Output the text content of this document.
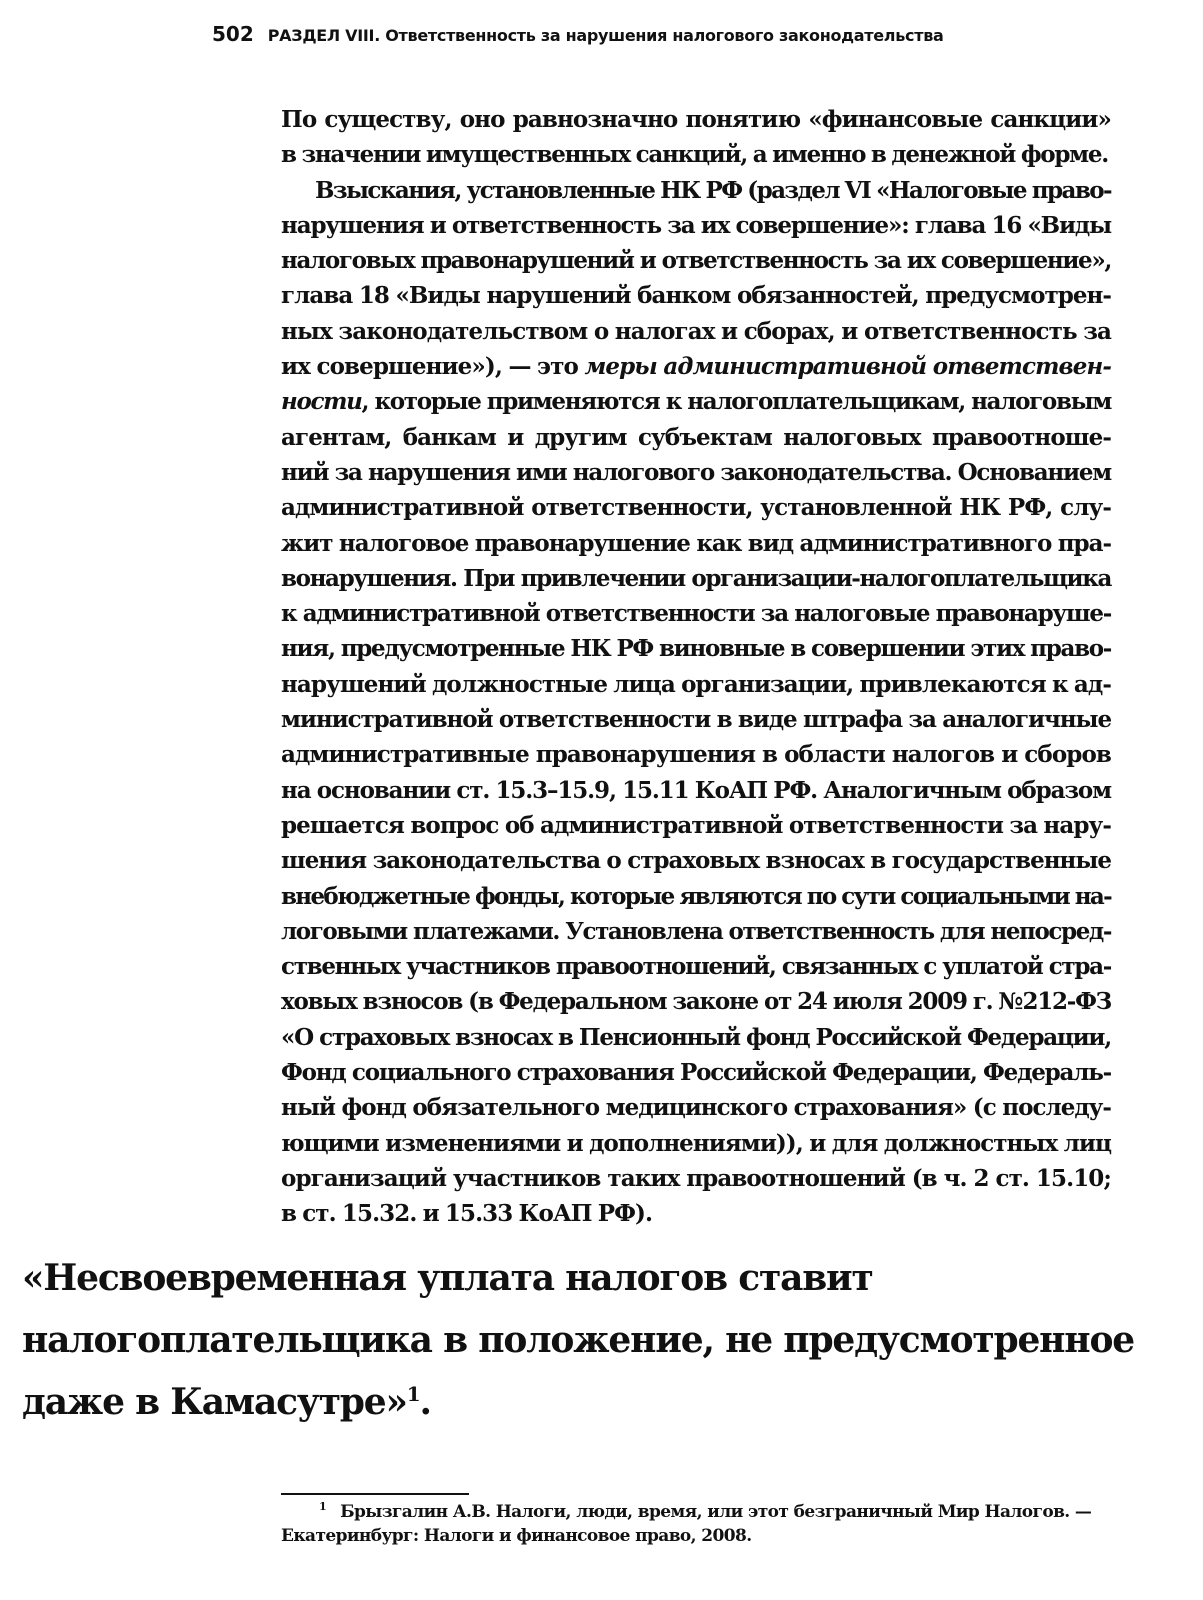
502 РАЗДЕЛ VIII. Ответственность за нарушения налогового законодательства
По существу, оно равнозначно понятию «финансовые санкции»
в значении имущественных санкций, а именно в денежной форме.
Взыскания, установленные НК РФ (раздел VI «Налоговые право-
нарушения и ответственность за их совершение»: глава 16 «Виды
налоговых правонарушений и ответственность за их совершение»,
глава 18 «Виды нарушений банком обязанностей, предусмотрен-
ных законодательством о налогах и сборах, и ответственность за
их совершение»), — это меры административной ответствен-
ности, которые применяются к налогоплательщикам, налоговым
агентам, банкам и другим субъектам налоговых правоотноше-
ний за нарушения ими налогового законодательства. Основанием
административной ответственности, установленной НК РФ, слу-
жит налоговое правонарушение как вид административного пра-
вонарушения. При привлечении организации-налогоплательщика
к административной ответственности за налоговые правонаруше-
ния, предусмотренные НК РФ виновные в совершении этих право-
нарушений должностные лица организации, привлекаются к ад-
министративной ответственности в виде штрафа за аналогичные
административные правонарушения в области налогов и сборов
на основании ст. 15.3–15.9, 15.11 КоАП РФ. Аналогичным образом
решается вопрос об административной ответственности за нару-
шения законодательства о страховых взносах в государственные
внебюджетные фонды, которые являются по сути социальными на-
логовыми платежами. Установлена ответственность для непосред-
ственных участников правоотношений, связанных с уплатой стра-
ховых взносов (в Федеральном законе от 24 июля 2009 г. №212-ФЗ
«О страховых взносах в Пенсионный фонд Российской Федерации,
Фонд социального страхования Российской Федерации, Федераль-
ный фонд обязательного медицинского страхования» (с последу-
ющими изменениями и дополнениями)), и для должностных лиц
организаций участников таких правоотношений (в ч. 2 ст. 15.10;
в ст. 15.32. и 15.33 КоАП РФ).
«Несвоевременная уплата налогов ставит
налогоплательщика в положение, не предусмотренное
даже в Камасутре»$^1$.
$^1$ Брызгалин А.В. Налоги, люди, время, или этот безграничный Мир Налогов. —
Екатеринбург: Налоги и финансовое право, 2008.
